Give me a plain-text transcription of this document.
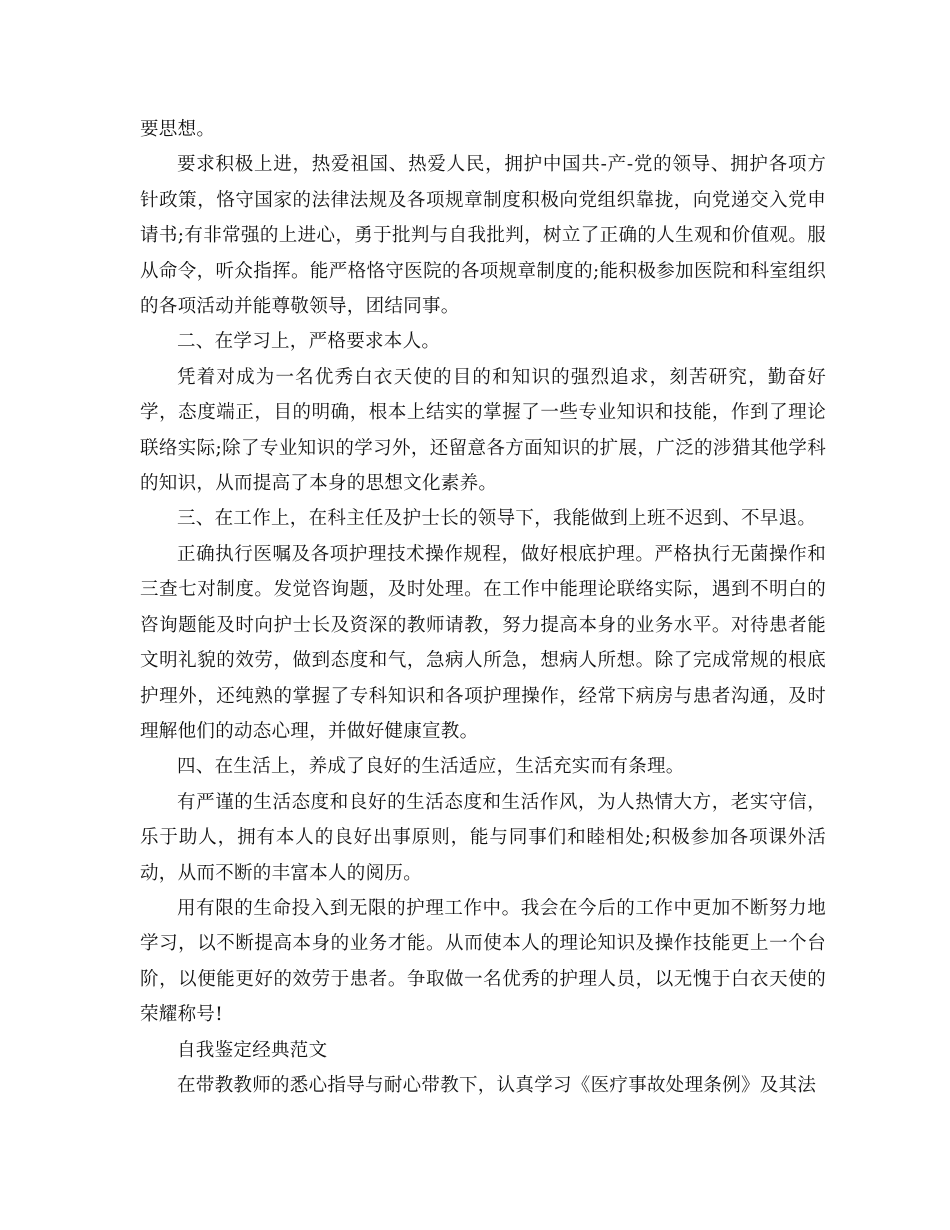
要思想。

要求积极上进，热爱祖国、热爱人民，拥护中国共-产-党的领导、拥护各项方针政策，恪守国家的法律法规及各项规章制度积极向党组织靠拢，向党递交入党申请书;有非常强的上进心，勇于批判与自我批判，树立了正确的人生观和价值观。服从命令，听众指挥。能严格恪守医院的各项规章制度的;能积极参加医院和科室组织的各项活动并能尊敬领导，团结同事。

二、在学习上，严格要求本人。

凭着对成为一名优秀白衣天使的目的和知识的强烈追求，刻苦研究，勤奋好学，态度端正，目的明确，根本上结实的掌握了一些专业知识和技能，作到了理论联络实际;除了专业知识的学习外，还留意各方面知识的扩展，广泛的涉猎其他学科的知识，从而提高了本身的思想文化素养。

三、在工作上，在科主任及护士长的领导下，我能做到上班不迟到、不早退。

正确执行医嘱及各项护理技术操作规程，做好根底护理。严格执行无菌操作和三查七对制度。发觉咨询题，及时处理。在工作中能理论联络实际，遇到不明白的咨询题能及时向护士长及资深的教师请教，努力提高本身的业务水平。对待患者能文明礼貌的效劳，做到态度和气，急病人所急，想病人所想。除了完成常规的根底护理外，还纯熟的掌握了专科知识和各项护理操作，经常下病房与患者沟通，及时理解他们的动态心理，并做好健康宣教。

四、在生活上，养成了良好的生活适应，生活充实而有条理。

有严谨的生活态度和良好的生活态度和生活作风，为人热情大方，老实守信，乐于助人，拥有本人的良好出事原则，能与同事们和睦相处;积极参加各项课外活动，从而不断的丰富本人的阅历。

用有限的生命投入到无限的护理工作中。我会在今后的工作中更加不断努力地学习，以不断提高本身的业务才能。从而使本人的理论知识及操作技能更上一个台阶，以便能更好的效劳于患者。争取做一名优秀的护理人员，以无愧于白衣天使的荣耀称号!

自我鉴定经典范文

在带教教师的悉心指导与耐心带教下，认真学习《医疗事故处理条例》及其法
